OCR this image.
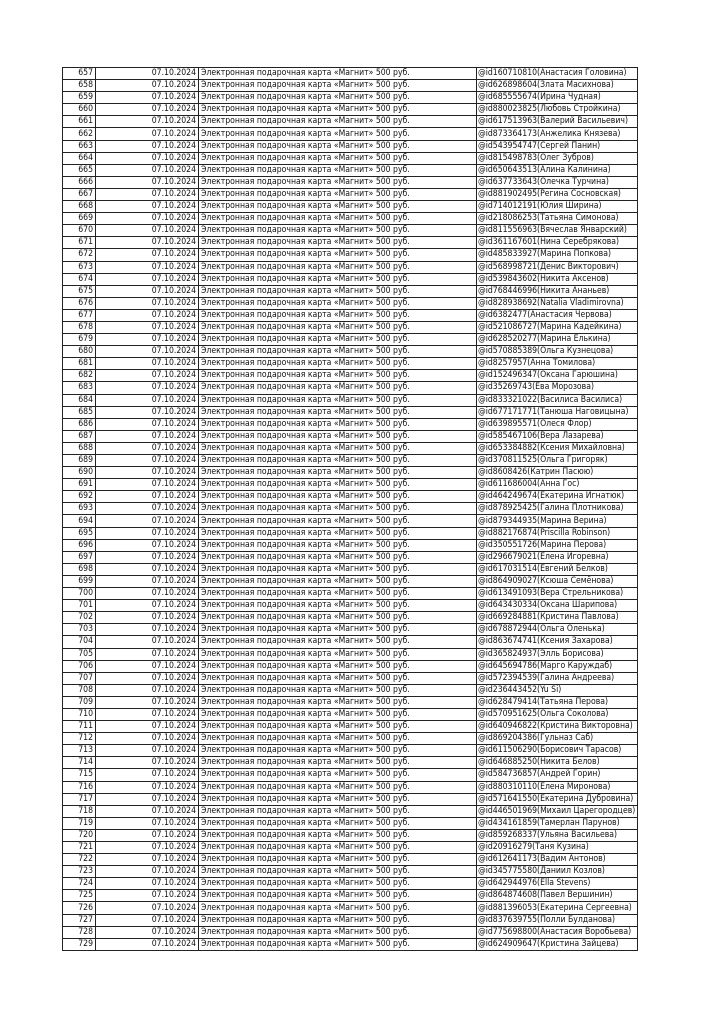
657	07.10.2024	Электронная подарочная карта «Магнит» 500 руб.	@id160710810(Анастасия Головина)
658	07.10.2024	Электронная подарочная карта «Магнит» 500 руб.	@id626898604(Злата Масихнова)
659	07.10.2024	Электронная подарочная карта «Магнит» 500 руб.	@id685555674(Ирина Чудная)
660	07.10.2024	Электронная подарочная карта «Магнит» 500 руб.	@id880023825(Любовь Стройкина)
661	07.10.2024	Электронная подарочная карта «Магнит» 500 руб.	@id617513963(Валерий Васильевич)
662	07.10.2024	Электронная подарочная карта «Магнит» 500 руб.	@id873364173(Анжелика Князева)
663	07.10.2024	Электронная подарочная карта «Магнит» 500 руб.	@id543954747(Сергей Панин)
664	07.10.2024	Электронная подарочная карта «Магнит» 500 руб.	@id815498783(Олег Зубров)
665	07.10.2024	Электронная подарочная карта «Магнит» 500 руб.	@id650643513(Алина Калинина)
666	07.10.2024	Электронная подарочная карта «Магнит» 500 руб.	@id637733643(Олечка Турчина)
667	07.10.2024	Электронная подарочная карта «Магнит» 500 руб.	@id881902495(Регина Сосновская)
668	07.10.2024	Электронная подарочная карта «Магнит» 500 руб.	@id714012191(Юлия Ширина)
669	07.10.2024	Электронная подарочная карта «Магнит» 500 руб.	@id218086253(Татьяна Симонова)
670	07.10.2024	Электронная подарочная карта «Магнит» 500 руб.	@id811556963(Вячеслав Январский)
671	07.10.2024	Электронная подарочная карта «Магнит» 500 руб.	@id361167601(Нина Серебрякова)
672	07.10.2024	Электронная подарочная карта «Магнит» 500 руб.	@id485833927(Марина Попкова)
673	07.10.2024	Электронная подарочная карта «Магнит» 500 руб.	@id568998721(Денис Викторович)
674	07.10.2024	Электронная подарочная карта «Магнит» 500 руб.	@id539843602(Никита Аксенов)
675	07.10.2024	Электронная подарочная карта «Магнит» 500 руб.	@id768446996(Никита Ананьев)
676	07.10.2024	Электронная подарочная карта «Магнит» 500 руб.	@id828938692(Natalia Vladimirovna)
677	07.10.2024	Электронная подарочная карта «Магнит» 500 руб.	@id6382477(Анастасия Червова)
678	07.10.2024	Электронная подарочная карта «Магнит» 500 руб.	@id521086727(Марина Кадейкина)
679	07.10.2024	Электронная подарочная карта «Магнит» 500 руб.	@id628520277(Марина Елькина)
680	07.10.2024	Электронная подарочная карта «Магнит» 500 руб.	@id570885389(Ольга Кузнецова)
681	07.10.2024	Электронная подарочная карта «Магнит» 500 руб.	@id8257957(Анна Томилова)
682	07.10.2024	Электронная подарочная карта «Магнит» 500 руб.	@id152496347(Оксана Гарюшина)
683	07.10.2024	Электронная подарочная карта «Магнит» 500 руб.	@id35269743(Ева Морозова)
684	07.10.2024	Электронная подарочная карта «Магнит» 500 руб.	@id833321022(Василиса Василиса)
685	07.10.2024	Электронная подарочная карта «Магнит» 500 руб.	@id677171771(Танюша Наговицына)
686	07.10.2024	Электронная подарочная карта «Магнит» 500 руб.	@id639895571(Олеся Флор)
687	07.10.2024	Электронная подарочная карта «Магнит» 500 руб.	@id585467106(Вера Лазарева)
688	07.10.2024	Электронная подарочная карта «Магнит» 500 руб.	@id653384882(Ксения Михайловна)
689	07.10.2024	Электронная подарочная карта «Магнит» 500 руб.	@id370811525(Ольга Григоряк)
690	07.10.2024	Электронная подарочная карта «Магнит» 500 руб.	@id8608426(Катрин Пасюю)
691	07.10.2024	Электронная подарочная карта «Магнит» 500 руб.	@id611686004(Анна Гос)
692	07.10.2024	Электронная подарочная карта «Магнит» 500 руб.	@id464249674(Екатерина Игнатюк)
693	07.10.2024	Электронная подарочная карта «Магнит» 500 руб.	@id878925425(Галина Плотникова)
694	07.10.2024	Электронная подарочная карта «Магнит» 500 руб.	@id879344935(Марина Верина)
695	07.10.2024	Электронная подарочная карта «Магнит» 500 руб.	@id882176874(Priscilla Robinson)
696	07.10.2024	Электронная подарочная карта «Магнит» 500 руб.	@id350551726(Марина Перова)
697	07.10.2024	Электронная подарочная карта «Магнит» 500 руб.	@id296679021(Елена Игоревна)
698	07.10.2024	Электронная подарочная карта «Магнит» 500 руб.	@id617031514(Евгений Белков)
699	07.10.2024	Электронная подарочная карта «Магнит» 500 руб.	@id864909027(Ксюша Семёнова)
700	07.10.2024	Электронная подарочная карта «Магнит» 500 руб.	@id613491093(Вера Стрельникова)
701	07.10.2024	Электронная подарочная карта «Магнит» 500 руб.	@id643430334(Оксана Шарипова)
702	07.10.2024	Электронная подарочная карта «Магнит» 500 руб.	@id669284881(Кристина Павлова)
703	07.10.2024	Электронная подарочная карта «Магнит» 500 руб.	@id678872944(Ольга Оленька)
704	07.10.2024	Электронная подарочная карта «Магнит» 500 руб.	@id863674741(Ксения Захарова)
705	07.10.2024	Электронная подарочная карта «Магнит» 500 руб.	@id365824937(Элль Борисова)
706	07.10.2024	Электронная подарочная карта «Магнит» 500 руб.	@id645694786(Марго Каруждаб)
707	07.10.2024	Электронная подарочная карта «Магнит» 500 руб.	@id572394539(Галина Андреева)
708	07.10.2024	Электронная подарочная карта «Магнит» 500 руб.	@id236443452(Yu Si)
709	07.10.2024	Электронная подарочная карта «Магнит» 500 руб.	@id628479414(Татьяна Перова)
710	07.10.2024	Электронная подарочная карта «Магнит» 500 руб.	@id570951625(Ольга Соколова)
711	07.10.2024	Электронная подарочная карта «Магнит» 500 руб.	@id640946822(Кристина Викторовна)
712	07.10.2024	Электронная подарочная карта «Магнит» 500 руб.	@id869204386(Гульназ Саб)
713	07.10.2024	Электронная подарочная карта «Магнит» 500 руб.	@id611506290(Борисович Тарасов)
714	07.10.2024	Электронная подарочная карта «Магнит» 500 руб.	@id646885250(Никита Белов)
715	07.10.2024	Электронная подарочная карта «Магнит» 500 руб.	@id584736857(Андрей Горин)
716	07.10.2024	Электронная подарочная карта «Магнит» 500 руб.	@id880310110(Елена Миронова)
717	07.10.2024	Электронная подарочная карта «Магнит» 500 руб.	@id571641550(Екатерина Дубровина)
718	07.10.2024	Электронная подарочная карта «Магнит» 500 руб.	@id446501969(Михаил Царегородцев)
719	07.10.2024	Электронная подарочная карта «Магнит» 500 руб.	@id434161859(Тамерлан Парунов)
720	07.10.2024	Электронная подарочная карта «Магнит» 500 руб.	@id859268337(Ульяна Васильева)
721	07.10.2024	Электронная подарочная карта «Магнит» 500 руб.	@id20916279(Таня Кузина)
722	07.10.2024	Электронная подарочная карта «Магнит» 500 руб.	@id612641173(Вадим Антонов)
723	07.10.2024	Электронная подарочная карта «Магнит» 500 руб.	@id345775580(Даниил Козлов)
724	07.10.2024	Электронная подарочная карта «Магнит» 500 руб.	@id642944976(Ella Stevens)
725	07.10.2024	Электронная подарочная карта «Магнит» 500 руб.	@id864874608(Павел Вершинин)
726	07.10.2024	Электронная подарочная карта «Магнит» 500 руб.	@id881396053(Екатерина Сергеевна)
727	07.10.2024	Электронная подарочная карта «Магнит» 500 руб.	@id837639755(Полли Булданова)
728	07.10.2024	Электронная подарочная карта «Магнит» 500 руб.	@id775698800(Анастасия Воробьева)
729	07.10.2024	Электронная подарочная карта «Магнит» 500 руб.	@id624909647(Кристина Зайцева)
